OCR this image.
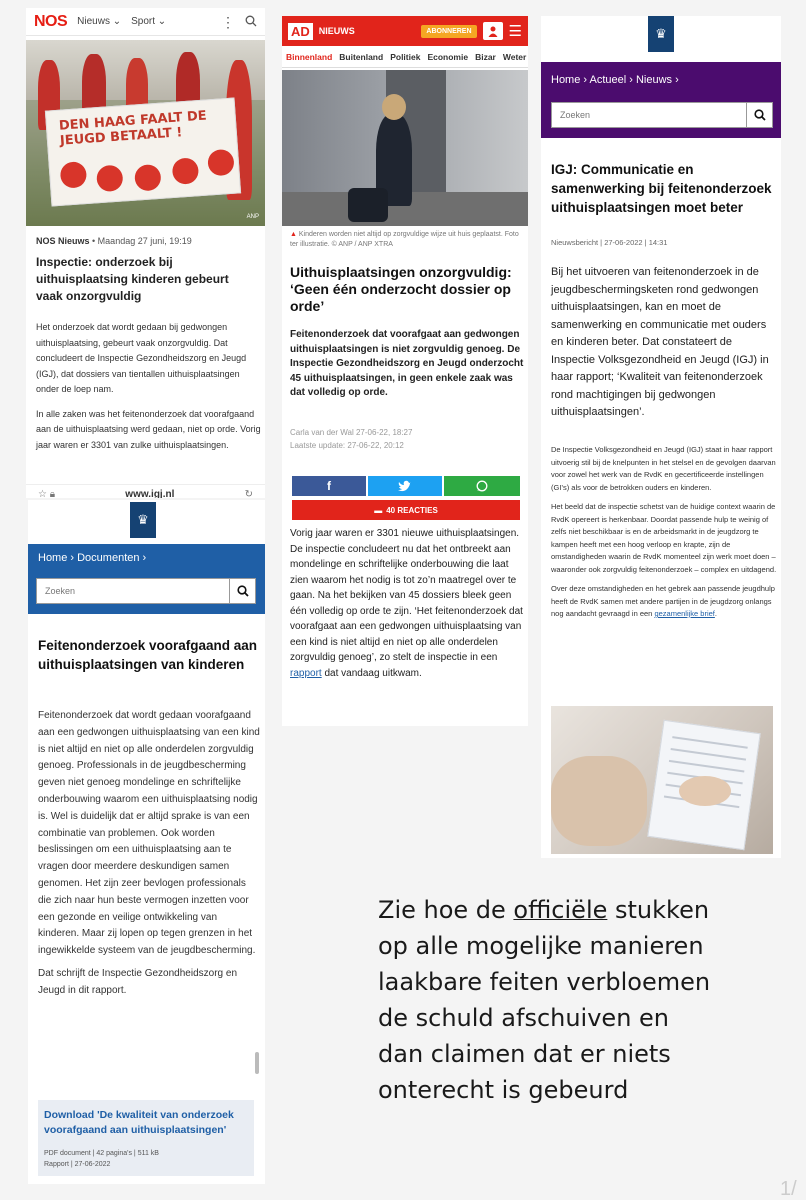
NOS Nieuws ⌄ Sport ⌄	⋮
DEN HAAG FAALT DE JEUGD BETAALT !
ANP
NOS Nieuws • Maandag 27 juni, 19:19
Inspectie: onderzoek bij uithuisplaatsing kinderen gebeurt vaak onzorgvuldig

Het onderzoek dat wordt gedaan bij gedwongen uithuisplaatsing, gebeurt vaak onzorgvuldig. Dat concludeert de Inspectie Gezondheidszorg en Jeugd (IGJ), dat dossiers van tientallen uithuisplaatsingen onder de loep nam.

In alle zaken was het feitenonderzoek dat voorafgaand aan de uithuisplaatsing werd gedaan, niet op orde. Vorig jaar waren er 3301 van zulke uithuisplaatsingen.

☆ 🔒︎	www.igj.nl	↻
♛
Home › Documenten ›
Zoeken
Feitenonderzoek voorafgaand aan uithuisplaatsingen van kinderen

Feitenonderzoek dat wordt gedaan voorafgaand aan een gedwongen uithuisplaatsing van een kind is niet altijd en niet op alle onderdelen zorgvuldig genoeg. Professionals in de jeugdbescherming geven niet genoeg mondelinge en schriftelijke onderbouwing waarom een uithuisplaatsing nodig is. Wel is duidelijk dat er altijd sprake is van een combinatie van problemen. Ook worden beslissingen om een uithuisplaatsing aan te vragen door meerdere deskundigen samen genomen. Het zijn zeer bevlogen professionals die zich naar hun beste vermogen inzetten voor een gezonde en veilige ontwikkeling van kinderen. Maar zij lopen op tegen grenzen in het ingewikkelde systeem van de jeugdbescherming.

Dat schrijft de Inspectie Gezondheidszorg en Jeugd in dit rapport.

Download 'De kwaliteit van onderzoek voorafgaand aan uithuisplaatsingen'
PDF document | 42 pagina's | 511 kB
Rapport | 27-06-2022
AD	NIEUWS	ABONNEREN	☰
Binnenland Buitenland Politiek Economie Bizar Weter
▲ Kinderen worden niet altijd op zorgvuldige wijze uit huis geplaatst. Foto ter illustratie. © ANP / ANP XTRA
Uithuisplaatsingen onzorgvuldig: ‘Geen één onderzocht dossier op orde’
Feitenonderzoek dat voorafgaat aan gedwongen uithuisplaatsingen is niet zorgvuldig genoeg. De Inspectie Gezondheidszorg en Jeugd onderzocht 45 uithuisplaatsingen, in geen enkele zaak was dat volledig op orde.
Carla van der Wal 27-06-22, 18:27
Laatste update: 27-06-22, 20:12
f
▬ 40 REACTIES
Vorig jaar waren er 3301 nieuwe uithuisplaatsingen. De inspectie concludeert nu dat het ontbreekt aan mondelinge en schriftelijke onderbouwing die laat zien waarom het nodig is tot zo’n maatregel over te gaan. Na het bekijken van 45 dossiers bleek geen één volledig op orde te zijn. ‘Het feitenonderzoek dat voorafgaat aan een gedwongen uithuisplaatsing van een kind is niet altijd en niet op alle onderdelen zorgvuldig genoeg’, zo stelt de inspectie in een rapport dat vandaag uitkwam.
♛
Home › Actueel › Nieuws ›
Zoeken
IGJ: Communicatie en samenwerking bij feitenonderzoek uithuisplaatsingen moet beter
Nieuwsbericht | 27-06-2022 | 14:31
Bij het uitvoeren van feitenonderzoek in de jeugdbeschermingsketen rond gedwongen uithuisplaatsingen, kan en moet de samenwerking en communicatie met ouders en kinderen beter. Dat constateert de Inspectie Volksgezondheid en Jeugd (IGJ) in haar rapport; ‘Kwaliteit van feitenonderzoek rond machtigingen bij gedwongen uithuisplaatsingen’.

De Inspectie Volksgezondheid en Jeugd (IGJ) staat in haar rapport uitvoerig stil bij de knelpunten in het stelsel en de gevolgen daarvan voor zowel het werk van de RvdK en gecertificeerde instellingen (GI’s) als voor de betrokken ouders en kinderen.

Het beeld dat de inspectie schetst van de huidige context waarin de RvdK opereert is herkenbaar. Doordat passende hulp te weinig of zelfs niet beschikbaar is en de arbeidsmarkt in de jeugdzorg te kampen heeft met een hoog verloop en krapte, zijn de omstandigheden waarin de RvdK momenteel zijn werk moet doen – waaronder ook zorgvuldig feitenonderzoek – complex en uitdagend.

Over deze omstandigheden en het gebrek aan passende jeugdhulp heeft de RvdK samen met andere partijen in de jeugdzorg onlangs nog aandacht gevraagd in een gezamenlijke brief.

Zie hoe de officiële stukken
op alle mogelijke manieren
laakbare feiten verbloemen
de schuld afschuiven en
dan claimen dat er niets
onterecht is gebeurd
1/
